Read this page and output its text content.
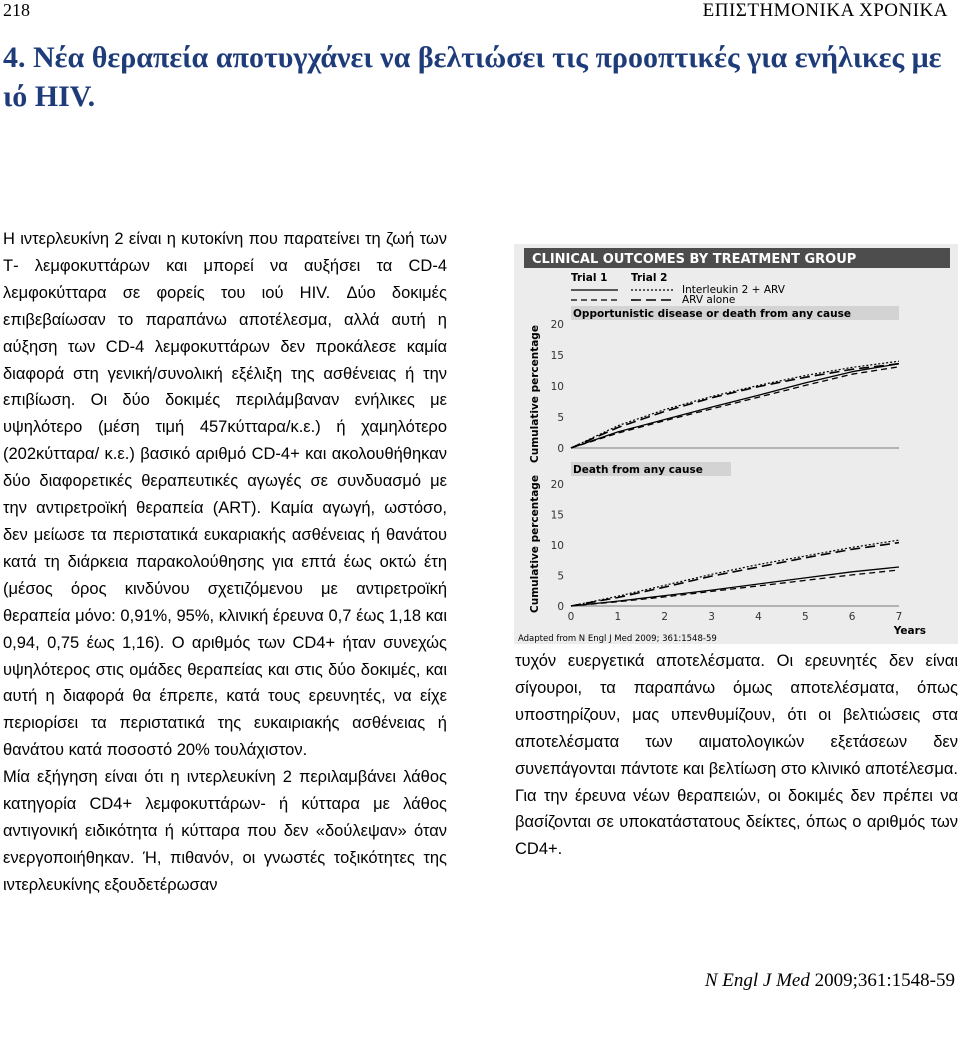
218	ΕΠΙΣΤΗΜΟΝΙΚΑ ΧΡΟΝΙΚΑ
4. Νέα θεραπεία αποτυγχάνει να βελτιώσει τις προοπτικές για ενήλικες με ιό HIV.

Η ιντερλευκίνη 2 είναι η κυτοκίνη που παρατείνει τη ζωή των Τ- λεμφοκυττάρων και μπορεί να αυξήσει τα CD-4 λεμφοκύτταρα σε φορείς του ιού HIV. Δύο δοκιμές επιβεβαίωσαν το παραπάνω αποτέλεσμα, αλλά αυτή η αύξηση των CD-4 λεμφοκυττάρων δεν προκάλεσε καμία διαφορά στη γενική/συνολική εξέλιξη της ασθένειας ή την επιβίωση. Οι δύο δοκιμές περιλάμβαναν ενήλικες με υψηλότερο (μέση τιμή 457κύτταρα/κ.ε.) ή χαμηλότερο (202κύτταρα/ κ.ε.) βασικό αριθμό CD-4+ και ακολουθήθηκαν δύο διαφορετικές θεραπευτικές αγωγές σε συνδυασμό με την αντιρετροϊκή θεραπεία (ART). Καμία αγωγή, ωστόσο, δεν μείωσε τα περιστατικά ευκαριακής ασθένειας ή θανάτου κατά τη διάρκεια παρακολούθησης για επτά έως οκτώ έτη (μέσος όρος κινδύνου σχετιζόμενου με αντιρετροϊκή θεραπεία μόνο: 0,91%, 95%, κλινική έρευνα 0,7 έως 1,18 και 0,94, 0,75 έως 1,16). Ο αριθμός των CD4+ ήταν συνεχώς υψηλότερος στις ομάδες θεραπείας και στις δύο δοκιμές, και αυτή η διαφορά θα έπρεπε, κατά τους ερευνητές, να είχε περιορίσει τα περιστατικά της ευκαιριακής ασθένειας ή θανάτου κατά ποσοστό 20% τουλάχιστον.

Μία εξήγηση είναι ότι η ιντερλευκίνη 2 περιλαμβάνει λάθος κατηγορία CD4+ λεμφοκυττάρων- ή κύτταρα με λάθος αντιγονική ειδικότητα ή κύτταρα που δεν «δούλεψαν» όταν ενεργοποιήθηκαν. Ή, πιθανόν, οι γνωστές τοξικότητες της ιντερλευκίνης εξουδετέρωσαν

CLINICAL OUTCOMES BY TREATMENT GROUP
Trial 1 Trial 2
Interleukin 2 + ARV
ARV alone
Opportunistic disease or death from any cause
Cumulative percentage 0
5
10
15
20
Death from any cause
Cumulative percentage 0
5
10
15
20
0	1	2	3	4	5	6	7
Years
Adapted from N Engl J Med 2009; 361:1548-59
τυχόν ευεργετικά αποτελέσματα. Οι ερευνητές δεν είναι σίγουροι, τα παραπάνω όμως αποτελέσματα, όπως υποστηρίζουν, μας υπενθυμίζουν, ότι οι βελτιώσεις στα αποτελέσματα των αιματολογικών εξετάσεων δεν συνεπάγονται πάντοτε και βελτίωση στο κλινικό αποτέλεσμα. Για την έρευνα νέων θεραπειών, οι δοκιμές δεν πρέπει να βασίζονται σε υποκατάστατους δείκτες, όπως ο αριθμός των CD4+.
N Engl J Med 2009;361:1548-59
